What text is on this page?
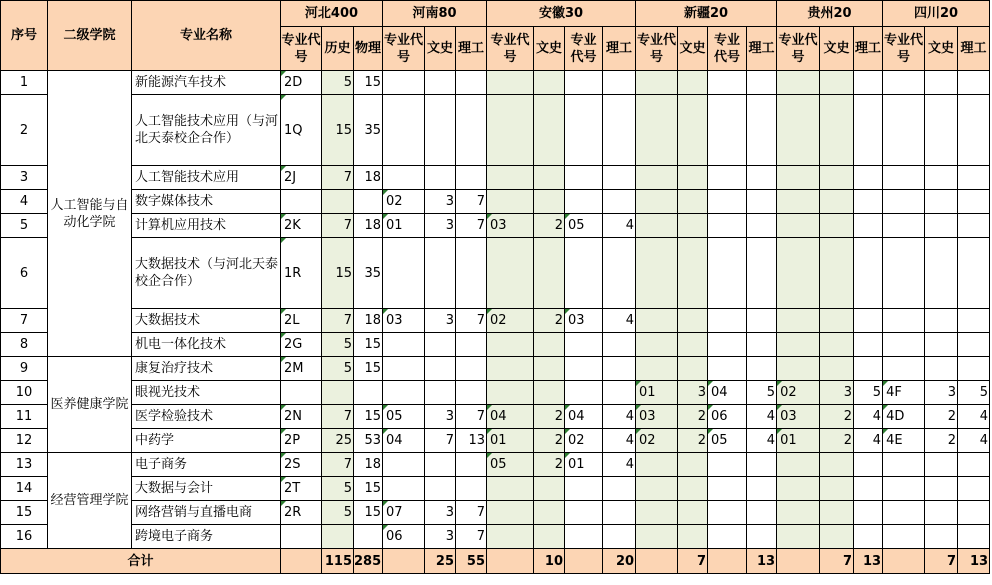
序号	二级学院	专业名称	河北400			河南80			安徽30				新疆20				贵州20			四川20		
			专业代号	历史	物理	专业代号	文史	理工	专业代号	文史	专业代号	理工	专业代号	文史	专业代号	理工	专业代号	文史	理工	专业代号	文史	理工
1	人工智能与自动化学院	新能源汽车技术	2D	5	15																	
2		人工智能技术应用（与河北天泰校企合作）	1Q	15	35																	
3		人工智能技术应用	2J	7	18																	
4		数字媒体技术				02	3	7														
5		计算机应用技术	2K	7	18	01	3	7	03	2	05	4										
6		大数据技术（与河北天泰校企合作）	1R	15	35																	
7		大数据技术	2L	7	18	03	3	7	02	2	03	4										
8		机电一体化技术	2G	5	15																	
9	医养健康学院	康复治疗技术	2M	5	15																	
10		眼视光技术											01	3	04	5	02	3	5	4F	3	5
11		医学检验技术	2N	7	15	05	3	7	04	2	04	4	03	2	06	4	03	2	4	4D	2	4
12		中药学	2P	25	53	04	7	13	01	2	02	4	02	2	05	4	01	2	4	4E	2	4
13	经营管理学院	电子商务	2S	7	18				05	2	01	4										
14		大数据与会计	2T	5	15																	
15		网络营销与直播电商	2R	5	15	07	3	7														
16		跨境电子商务				06	3	7														
合计				115	285		25	55		10		20		7		13		7	13		7	13
